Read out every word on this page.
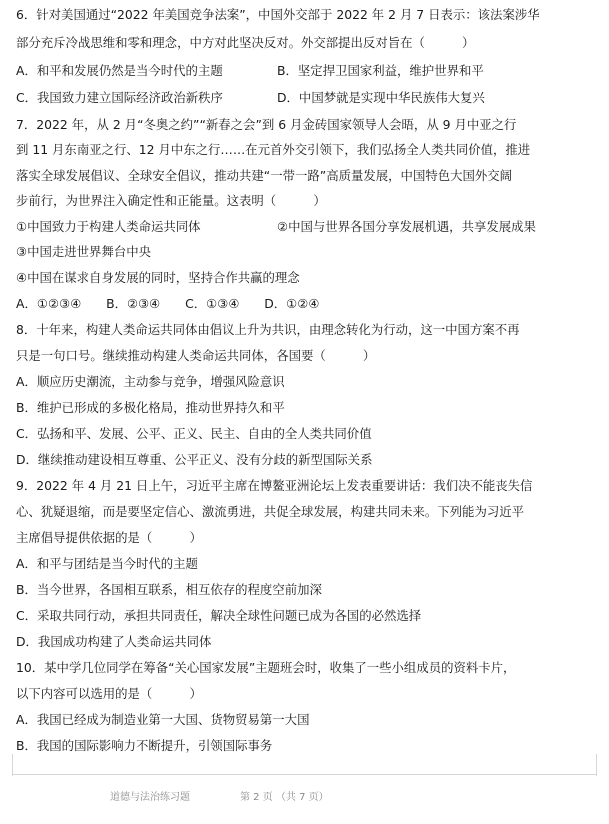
6．针对美国通过“2022 年美国竞争法案”，中国外交部于 2022 年 2 月 7 日表示：该法案涉华
部分充斥冷战思维和零和理念，中方对此坚决反对。外交部提出反对旨在（　　　）
A．和平和发展仍然是当今时代的主题	B．坚定捍卫国家利益，维护世界和平
C．我国致力建立国际经济政治新秩序	D．中国梦就是实现中华民族伟大复兴
7．2022 年，从 2 月“冬奥之约”“新春之会”到 6 月金砖国家领导人会晤，从 9 月中亚之行
到 11 月东南亚之行、12 月中东之行……在元首外交引领下，我们弘扬全人类共同价值，推进
落实全球发展倡议、全球安全倡议，推动共建“一带一路”高质量发展，中国特色大国外交阔
步前行，为世界注入确定性和正能量。这表明（　　　）
①中国致力于构建人类命运共同体	②中国与世界各国分享发展机遇，共享发展成果
③中国走进世界舞台中央
④中国在谋求自身发展的同时，坚持合作共赢的理念
A．①②③④　　B．②③④　　C．①③④　　D．①②④
8．十年来，构建人类命运共同体由倡议上升为共识，由理念转化为行动，这一中国方案不再
只是一句口号。继续推动构建人类命运共同体，各国要（　　　）
A．顺应历史潮流，主动参与竞争，增强风险意识
B．维护已形成的多极化格局，推动世界持久和平
C．弘扬和平、发展、公平、正义、民主、自由的全人类共同价值
D．继续推动建设相互尊重、公平正义、没有分歧的新型国际关系
9．2022 年 4 月 21 日上午，习近平主席在博鳌亚洲论坛上发表重要讲话：我们决不能丧失信
心、犹疑退缩，而是要坚定信心、激流勇进，共促全球发展，构建共同未来。下列能为习近平
主席倡导提供依据的是（　　　）
A．和平与团结是当今时代的主题
B．当今世界，各国相互联系，相互依存的程度空前加深
C．采取共同行动，承担共同责任，解决全球性问题已成为各国的必然选择
D．我国成功构建了人类命运共同体
10．某中学几位同学在筹备“关心国家发展”主题班会时，收集了一些小组成员的资料卡片，
以下内容可以选用的是（　　　）
A．我国已经成为制造业第一大国、货物贸易第一大国
B．我国的国际影响力不断提升，引领国际事务
道德与法治练习题	第 2 页 （共 7 页）
